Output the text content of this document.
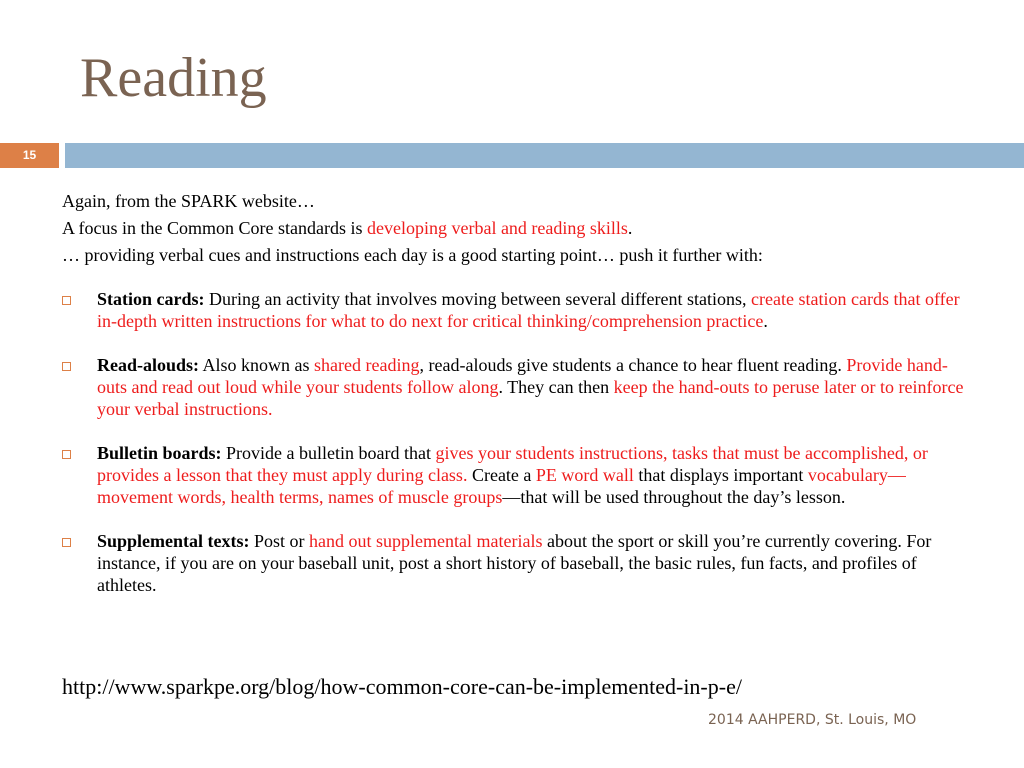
Reading
15

Again, from the SPARK website…

A focus in the Common Core standards is developing verbal and reading skills.

… providing verbal cues and instructions each day is a good starting point… push it further with:

Station cards: During an activity that involves moving between several different stations, create station cards that offer in-depth written instructions for what to do next for critical thinking/comprehension practice.
Read-alouds: Also known as shared reading, read-alouds give students a chance to hear fluent reading. Provide hand-outs and read out loud while your students follow along. They can then keep the hand-outs to peruse later or to reinforce your verbal instructions.
Bulletin boards: Provide a bulletin board that gives your students instructions, tasks that must be accomplished, or provides a lesson that they must apply during class. Create a PE word wall that displays important vocabulary—movement words, health terms, names of muscle groups—that will be used throughout the day’s lesson.
Supplemental texts: Post or hand out supplemental materials about the sport or skill you’re currently covering. For instance, if you are on your baseball unit, post a short history of baseball, the basic rules, fun facts, and profiles of athletes.
http://www.sparkpe.org/blog/how-common-core-can-be-implemented-in-p-e/
2014 AAHPERD, St. Louis, MO
